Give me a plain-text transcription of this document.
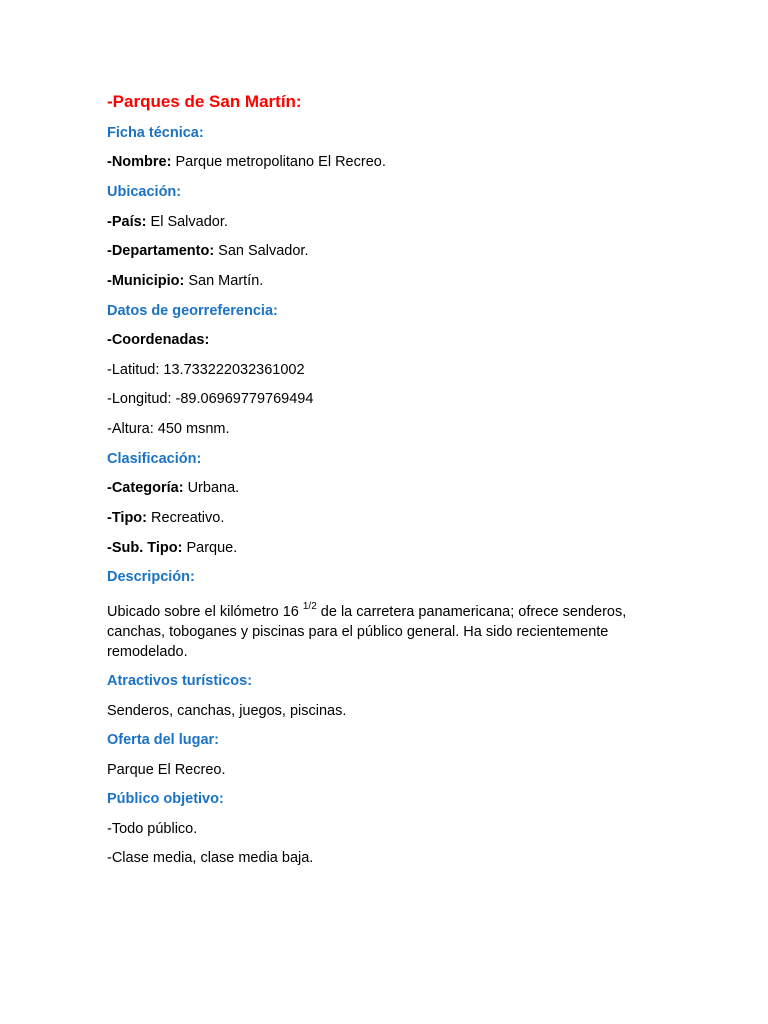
-Parques de San Martín:
Ficha técnica:
-Nombre: Parque metropolitano El Recreo.
Ubicación:
-País: El Salvador.
-Departamento: San Salvador.
-Municipio: San Martín.
Datos de georreferencia:
-Coordenadas:
-Latitud: 13.733222032361002
-Longitud: -89.06969779769494
-Altura: 450 msnm.
Clasificación:
-Categoría: Urbana.
-Tipo: Recreativo.
-Sub. Tipo: Parque.
Descripción:
Ubicado sobre el kilómetro 16 $^{1/2}$ de la carretera panamericana; ofrece senderos, canchas, toboganes y piscinas para el público general. Ha sido recientemente remodelado.
Atractivos turísticos:
Senderos, canchas, juegos, piscinas.
Oferta del lugar:
Parque El Recreo.
Público objetivo:
-Todo público.
-Clase media, clase media baja.
